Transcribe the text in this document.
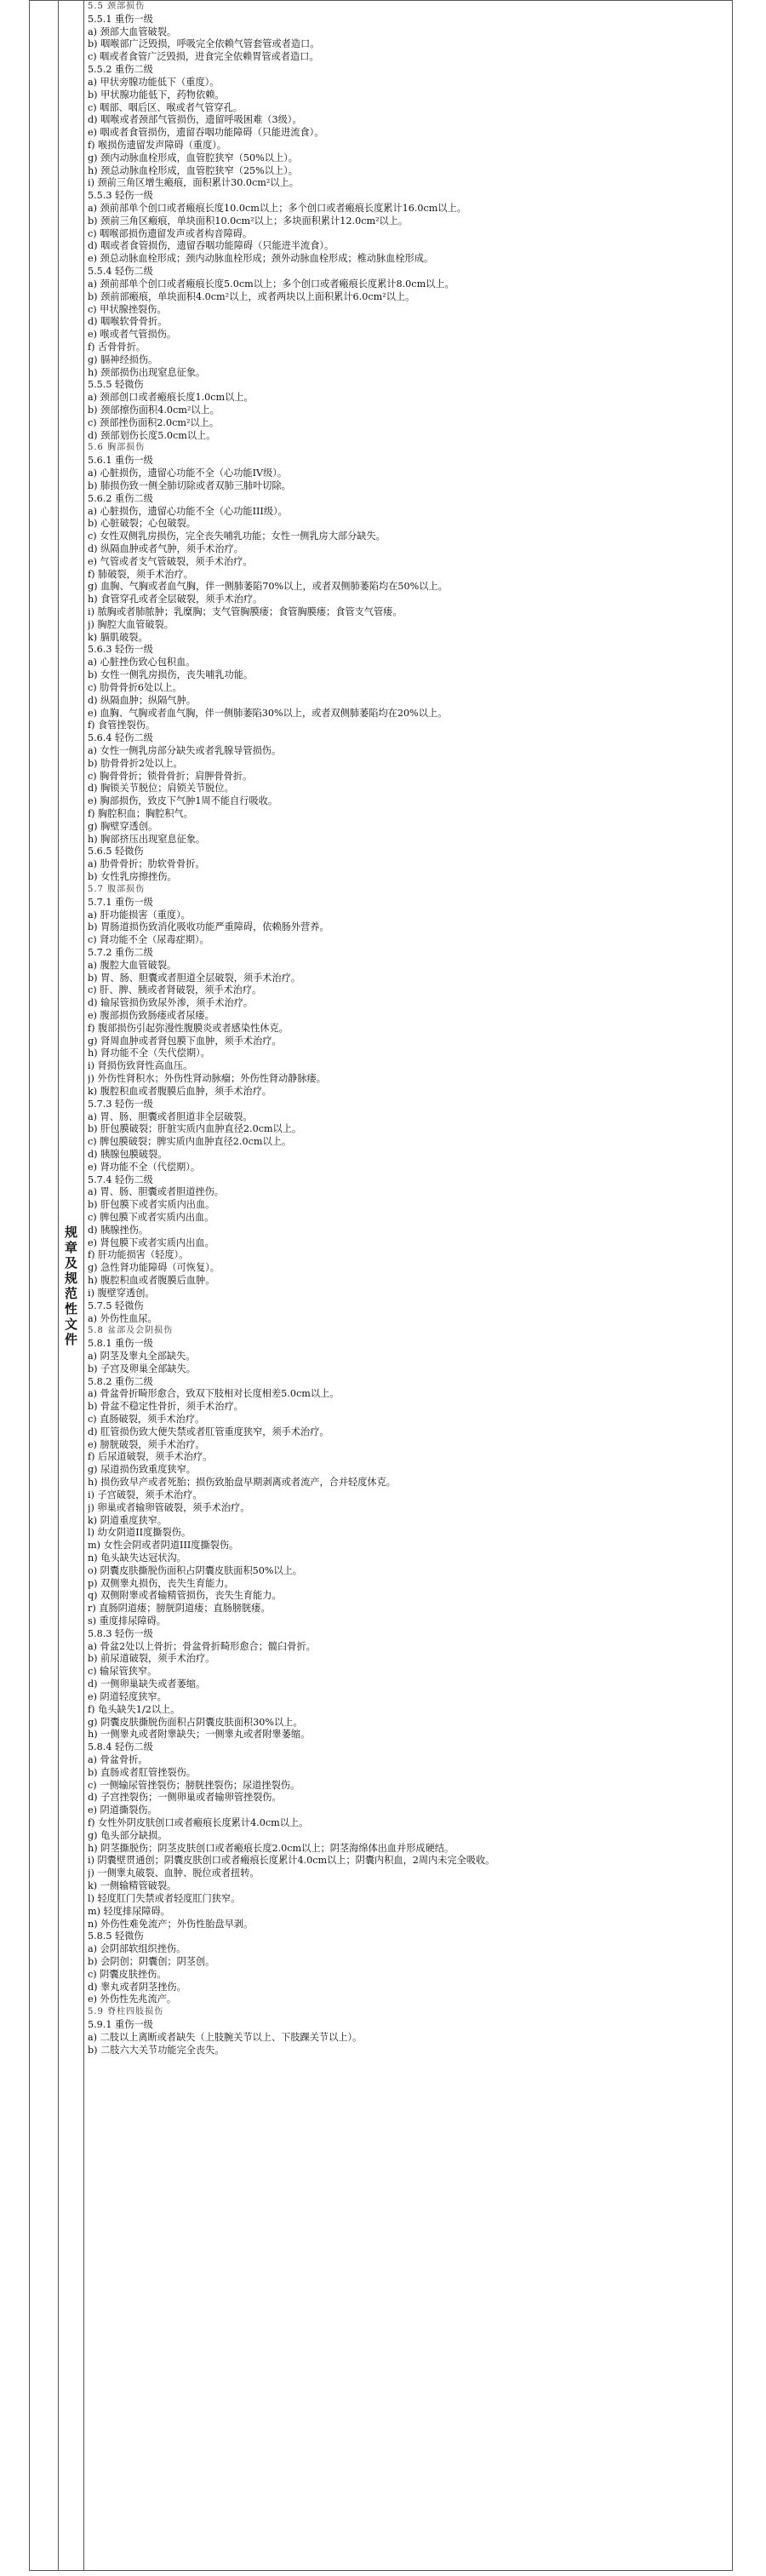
规章及规范性文件
5.5 颈部损伤
5.5.1 重伤一级
a) 颈部大血管破裂。
b) 咽喉部广泛毁损，呼吸完全依赖气管套管或者造口。
c) 咽或者食管广泛毁损，进食完全依赖胃管或者造口。
5.5.2 重伤二级
a) 甲状旁腺功能低下（重度）。
b) 甲状腺功能低下，药物依赖。
c) 咽部、咽后区、喉或者气管穿孔。
d) 咽喉或者颈部气管损伤，遗留呼吸困难（3级）。
e) 咽或者食管损伤，遗留吞咽功能障碍（只能进流食）。
f) 喉损伤遗留发声障碍（重度）。
g) 颈内动脉血栓形成，血管腔狭窄（50%以上）。
h) 颈总动脉血栓形成，血管腔狭窄（25%以上）。
i) 颈前三角区增生瘢痕，面积累计30.0cm²以上。
5.5.3 轻伤一级
a) 颈前部单个创口或者瘢痕长度10.0cm以上；多个创口或者瘢痕长度累计16.0cm以上。
b) 颈前三角区瘢痕，单块面积10.0cm²以上；多块面积累计12.0cm²以上。
c) 咽喉部损伤遗留发声或者构音障碍。
d) 咽或者食管损伤，遗留吞咽功能障碍（只能进半流食）。
e) 颈总动脉血栓形成；颈内动脉血栓形成；颈外动脉血栓形成；椎动脉血栓形成。
5.5.4 轻伤二级
a) 颈前部单个创口或者瘢痕长度5.0cm以上；多个创口或者瘢痕长度累计8.0cm以上。
b) 颈前部瘢痕，单块面积4.0cm²以上，或者两块以上面积累计6.0cm²以上。
c) 甲状腺挫裂伤。
d) 咽喉软骨骨折。
e) 喉或者气管损伤。
f) 舌骨骨折。
g) 膈神经损伤。
h) 颈部损伤出现窒息征象。
5.5.5 轻微伤
a) 颈部创口或者瘢痕长度1.0cm以上。
b) 颈部擦伤面积4.0cm²以上。
c) 颈部挫伤面积2.0cm²以上。
d) 颈部划伤长度5.0cm以上。
5.6 胸部损伤
5.6.1 重伤一级
a) 心脏损伤，遗留心功能不全（心功能IV级）。
b) 肺损伤致一侧全肺切除或者双肺三肺叶切除。
5.6.2 重伤二级
a) 心脏损伤，遗留心功能不全（心功能III级）。
b) 心脏破裂；心包破裂。
c) 女性双侧乳房损伤，完全丧失哺乳功能；女性一侧乳房大部分缺失。
d) 纵隔血肿或者气肿，须手术治疗。
e) 气管或者支气管破裂，须手术治疗。
f) 肺破裂，须手术治疗。
g) 血胸、气胸或者血气胸，伴一侧肺萎陷70%以上，或者双侧肺萎陷均在50%以上。
h) 食管穿孔或者全层破裂，须手术治疗。
i) 脓胸或者肺脓肿；乳糜胸；支气管胸膜瘘；食管胸膜瘘；食管支气管瘘。
j) 胸腔大血管破裂。
k) 膈肌破裂。
5.6.3 轻伤一级
a) 心脏挫伤致心包积血。
b) 女性一侧乳房损伤，丧失哺乳功能。
c) 肋骨骨折6处以上。
d) 纵隔血肿；纵隔气肿。
e) 血胸、气胸或者血气胸，伴一侧肺萎陷30%以上，或者双侧肺萎陷均在20%以上。
f) 食管挫裂伤。
5.6.4 轻伤二级
a) 女性一侧乳房部分缺失或者乳腺导管损伤。
b) 肋骨骨折2处以上。
c) 胸骨骨折；锁骨骨折；肩胛骨骨折。
d) 胸锁关节脱位；肩锁关节脱位。
e) 胸部损伤，致皮下气肿1周不能自行吸收。
f) 胸腔积血；胸腔积气。
g) 胸壁穿透创。
h) 胸部挤压出现窒息征象。
5.6.5 轻微伤
a) 肋骨骨折；肋软骨骨折。
b) 女性乳房擦挫伤。
5.7 腹部损伤
5.7.1 重伤一级
a) 肝功能损害（重度）。
b) 胃肠道损伤致消化吸收功能严重障碍，依赖肠外营养。
c) 肾功能不全（尿毒症期）。
5.7.2 重伤二级
a) 腹腔大血管破裂。
b) 胃、肠、胆囊或者胆道全层破裂，须手术治疗。
c) 肝、脾、胰或者肾破裂，须手术治疗。
d) 输尿管损伤致尿外渗，须手术治疗。
e) 腹部损伤致肠瘘或者尿瘘。
f) 腹部损伤引起弥漫性腹膜炎或者感染性休克。
g) 肾周血肿或者肾包膜下血肿，须手术治疗。
h) 肾功能不全（失代偿期）。
i) 肾损伤致肾性高血压。
j) 外伤性肾积水；外伤性肾动脉瘤；外伤性肾动静脉瘘。
k) 腹腔积血或者腹膜后血肿，须手术治疗。
5.7.3 轻伤一级
a) 胃、肠、胆囊或者胆道非全层破裂。
b) 肝包膜破裂；肝脏实质内血肿直径2.0cm以上。
c) 脾包膜破裂；脾实质内血肿直径2.0cm以上。
d) 胰腺包膜破裂。
e) 肾功能不全（代偿期）。
5.7.4 轻伤二级
a) 胃、肠、胆囊或者胆道挫伤。
b) 肝包膜下或者实质内出血。
c) 脾包膜下或者实质内出血。
d) 胰腺挫伤。
e) 肾包膜下或者实质内出血。
f) 肝功能损害（轻度）。
g) 急性肾功能障碍（可恢复）。
h) 腹腔积血或者腹膜后血肿。
i) 腹壁穿透创。
5.7.5 轻微伤
a) 外伤性血尿。
5.8 盆部及会阴损伤
5.8.1 重伤一级
a) 阴茎及睾丸全部缺失。
b) 子宫及卵巢全部缺失。
5.8.2 重伤二级
a) 骨盆骨折畸形愈合，致双下肢相对长度相差5.0cm以上。
b) 骨盆不稳定性骨折，须手术治疗。
c) 直肠破裂，须手术治疗。
d) 肛管损伤致大便失禁或者肛管重度狭窄，须手术治疗。
e) 膀胱破裂，须手术治疗。
f) 后尿道破裂，须手术治疗。
g) 尿道损伤致重度狭窄。
h) 损伤致早产或者死胎；损伤致胎盘早期剥离或者流产，合并轻度休克。
i) 子宫破裂，须手术治疗。
j) 卵巢或者输卵管破裂，须手术治疗。
k) 阴道重度狭窄。
l) 幼女阴道II度撕裂伤。
m) 女性会阴或者阴道III度撕裂伤。
n) 龟头缺失达冠状沟。
o) 阴囊皮肤撕脱伤面积占阴囊皮肤面积50%以上。
p) 双侧睾丸损伤，丧失生育能力。
q) 双侧附睾或者输精管损伤，丧失生育能力。
r) 直肠阴道瘘；膀胱阴道瘘；直肠膀胱瘘。
s) 重度排尿障碍。
5.8.3 轻伤一级
a) 骨盆2处以上骨折；骨盆骨折畸形愈合；髋臼骨折。
b) 前尿道破裂，须手术治疗。
c) 输尿管狭窄。
d) 一侧卵巢缺失或者萎缩。
e) 阴道轻度狭窄。
f) 龟头缺失1/2以上。
g) 阴囊皮肤撕脱伤面积占阴囊皮肤面积30%以上。
h) 一侧睾丸或者附睾缺失；一侧睾丸或者附睾萎缩。
5.8.4 轻伤二级
a) 骨盆骨折。
b) 直肠或者肛管挫裂伤。
c) 一侧输尿管挫裂伤；膀胱挫裂伤；尿道挫裂伤。
d) 子宫挫裂伤；一侧卵巢或者输卵管挫裂伤。
e) 阴道撕裂伤。
f) 女性外阴皮肤创口或者瘢痕长度累计4.0cm以上。
g) 龟头部分缺损。
h) 阴茎撕脱伤；阴茎皮肤创口或者瘢痕长度2.0cm以上；阴茎海绵体出血并形成硬结。
i) 阴囊壁贯通创；阴囊皮肤创口或者瘢痕长度累计4.0cm以上；阴囊内积血，2周内未完全吸收。
j) 一侧睾丸破裂、血肿、脱位或者扭转。
k) 一侧输精管破裂。
l) 轻度肛门失禁或者轻度肛门狭窄。
m) 轻度排尿障碍。
n) 外伤性难免流产；外伤性胎盘早剥。
5.8.5 轻微伤
a) 会阴部软组织挫伤。
b) 会阴创；阴囊创；阴茎创。
c) 阴囊皮肤挫伤。
d) 睾丸或者阴茎挫伤。
e) 外伤性先兆流产。
5.9 脊柱四肢损伤
5.9.1 重伤一级
a) 二肢以上离断或者缺失（上肢腕关节以上、下肢踝关节以上）。
b) 二肢六大关节功能完全丧失。
